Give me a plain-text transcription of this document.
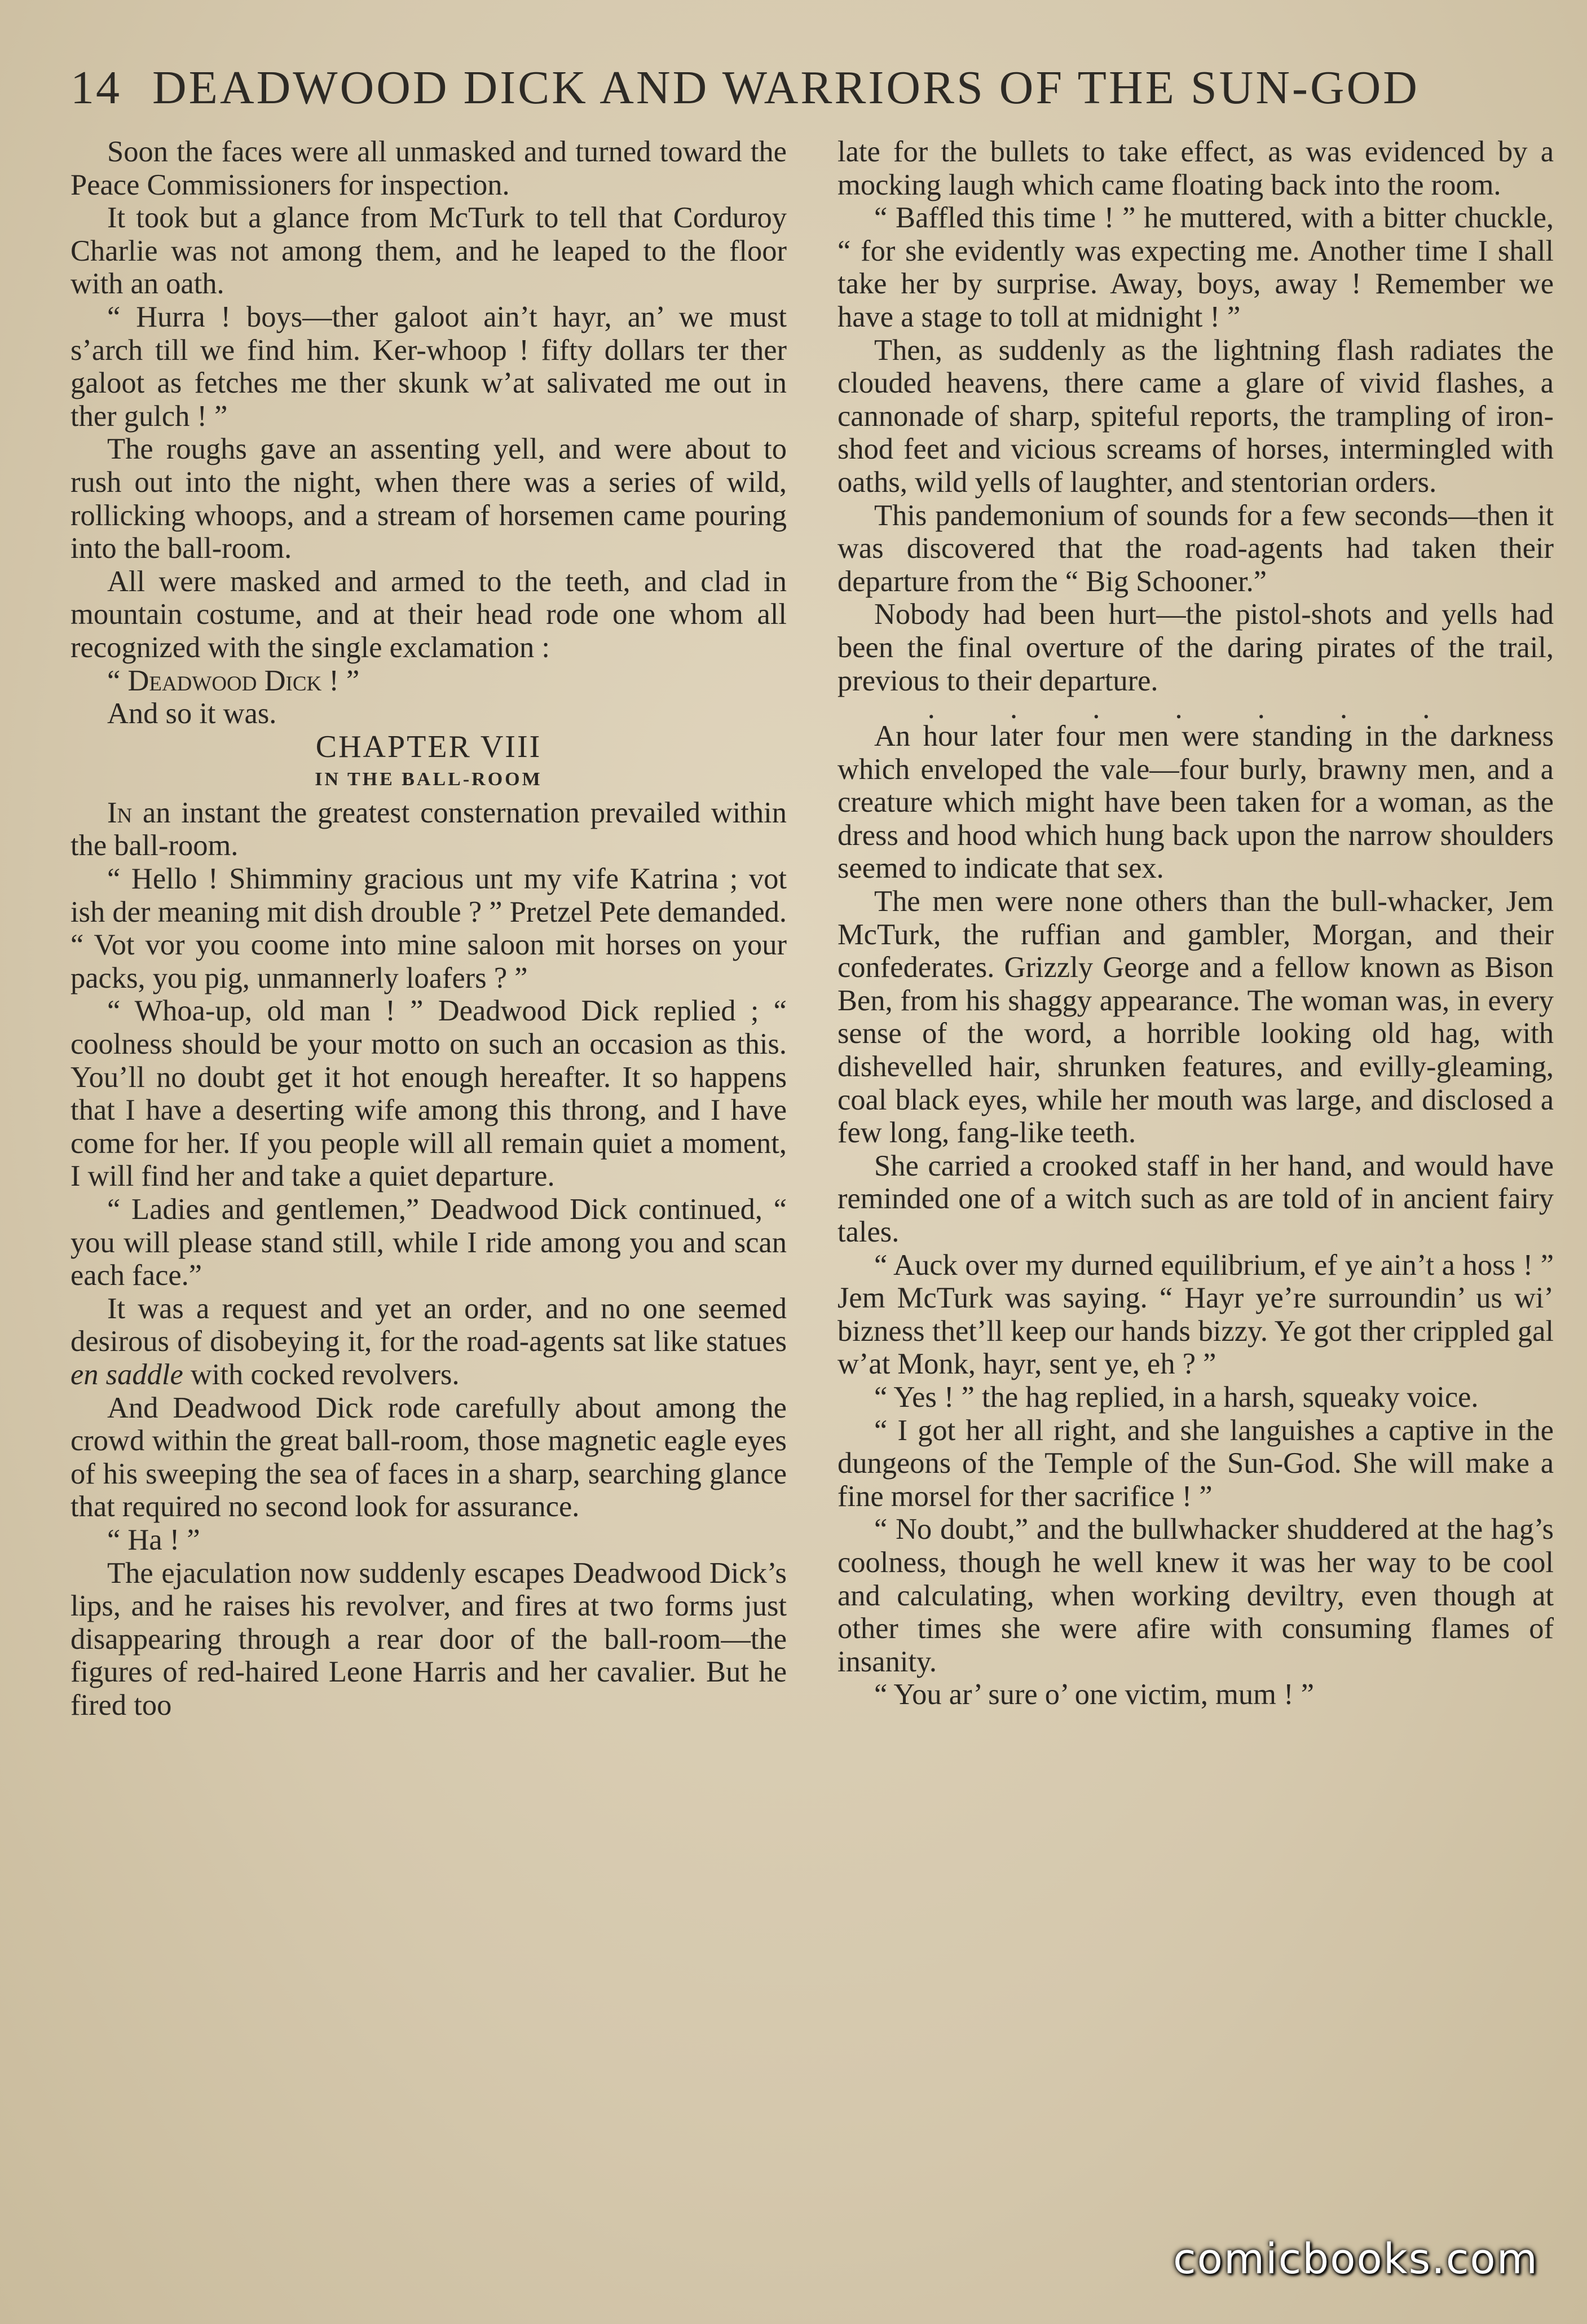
14 DEADWOOD DICK AND WARRIORS OF THE SUN-GOD

Soon the faces were all unmasked and turned toward the Peace Commissioners for inspection.

It took but a glance from McTurk to tell that Corduroy Charlie was not among them, and he leaped to the floor with an oath.

“ Hurra ! boys—ther galoot ain’t hayr, an’ we must s’arch till we find him. Ker-whoop ! fifty dollars ter ther galoot as fetches me ther skunk w’at salivated me out in ther gulch ! ”

The roughs gave an assenting yell, and were about to rush out into the night, when there was a series of wild, rollicking whoops, and a stream of horsemen came pouring into the ball-room.

All were masked and armed to the teeth, and clad in mountain costume, and at their head rode one whom all recognized with the single exclamation :

“ Deadwood Dick ! ”

And so it was.

CHAPTER VIII

IN THE BALL-ROOM

In an instant the greatest consternation prevailed within the ball-room.

“ Hello ! Shimminy gracious unt my vife Katrina ; vot ish der meaning mit dish drouble ? ” Pretzel Pete demanded. “ Vot vor you coome into mine saloon mit horses on your packs, you pig, unmannerly loafers ? ”

“ Whoa-up, old man ! ” Deadwood Dick replied ; “ coolness should be your motto on such an occasion as this. You’ll no doubt get it hot enough hereafter. It so happens that I have a deserting wife among this throng, and I have come for her. If you people will all remain quiet a moment, I will find her and take a quiet departure.

“ Ladies and gentlemen,” Deadwood Dick continued, “ you will please stand still, while I ride among you and scan each face.”

It was a request and yet an order, and no one seemed desirous of disobeying it, for the road-agents sat like statues en saddle with cocked revolvers.

And Deadwood Dick rode carefully about among the crowd within the great ball-room, those magnetic eagle eyes of his sweeping the sea of faces in a sharp, searching glance that required no second look for assurance.

“ Ha ! ”

The ejaculation now suddenly escapes Deadwood Dick’s lips, and he raises his revolver, and fires at two forms just disappearing through a rear door of the ball-room—the figures of red-haired Leone Harris and her cavalier. But he fired too

late for the bullets to take effect, as was evidenced by a mocking laugh which came floating back into the room.

“ Baffled this time ! ” he muttered, with a bitter chuckle, “ for she evidently was expecting me. Another time I shall take her by surprise. Away, boys, away ! Remember we have a stage to toll at midnight ! ”

Then, as suddenly as the lightning flash radiates the clouded heavens, there came a glare of vivid flashes, a cannonade of sharp, spiteful reports, the trampling of iron-shod feet and vicious screams of horses, intermingled with oaths, wild yells of laughter, and stentorian orders.

This pandemonium of sounds for a few seconds—then it was discovered that the road-agents had taken their departure from the “ Big Schooner.”

Nobody had been hurt—the pistol-shots and yells had been the final overture of the daring pirates of the trail, previous to their departure.

. . . . . . .

An hour later four men were standing in the darkness which enveloped the vale—four burly, brawny men, and a creature which might have been taken for a woman, as the dress and hood which hung back upon the narrow shoulders seemed to indicate that sex.

The men were none others than the bull-whacker, Jem McTurk, the ruffian and gambler, Morgan, and their confederates. Grizzly George and a fellow known as Bison Ben, from his shaggy appearance. The woman was, in every sense of the word, a horrible looking old hag, with dishevelled hair, shrunken features, and evilly-gleaming, coal black eyes, while her mouth was large, and disclosed a few long, fang-like teeth.

She carried a crooked staff in her hand, and would have reminded one of a witch such as are told of in ancient fairy tales.

“ Auck over my durned equilibrium, ef ye ain’t a hoss ! ” Jem McTurk was saying. “ Hayr ye’re surroundin’ us wi’ bizness thet’ll keep our hands bizzy. Ye got ther crippled gal w’at Monk, hayr, sent ye, eh ? ”

“ Yes ! ” the hag replied, in a harsh, squeaky voice.

“ I got her all right, and she languishes a captive in the dungeons of the Temple of the Sun-God. She will make a fine morsel for ther sacrifice ! ”

“ No doubt,” and the bullwhacker shuddered at the hag’s coolness, though he well knew it was her way to be cool and calculating, when working deviltry, even though at other times she were afire with consuming flames of insanity.

“ You ar’ sure o’ one victim, mum ! ”

comicbooks.com
